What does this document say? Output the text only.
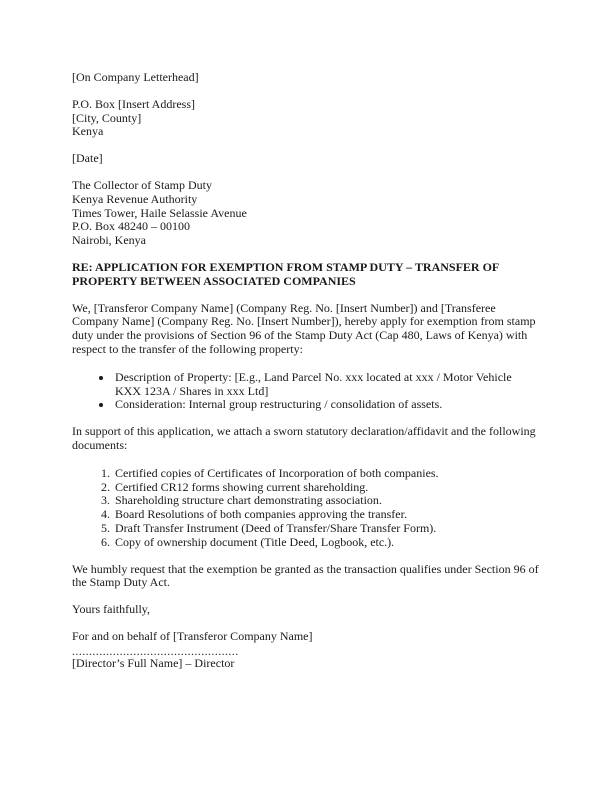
[On Company Letterhead]

P.O. Box [Insert Address]
[City, County]
Kenya

[Date]

The Collector of Stamp Duty
Kenya Revenue Authority
Times Tower, Haile Selassie Avenue
P.O. Box 48240 – 00100
Nairobi, Kenya

RE: APPLICATION FOR EXEMPTION FROM STAMP DUTY – TRANSFER OF PROPERTY BETWEEN ASSOCIATED COMPANIES

We, [Transferor Company Name] (Company Reg. No. [Insert Number]) and [Transferee Company Name] (Company Reg. No. [Insert Number]), hereby apply for exemption from stamp duty under the provisions of Section 96 of the Stamp Duty Act (Cap 480, Laws of Kenya) with respect to the transfer of the following property:

• Description of Property: [E.g., Land Parcel No. xxx located at xxx / Motor Vehicle KXX 123A / Shares in xxx Ltd]
• Consideration: Internal group restructuring / consolidation of assets.

In support of this application, we attach a sworn statutory declaration/affidavit and the following documents:

1. Certified copies of Certificates of Incorporation of both companies.
2. Certified CR12 forms showing current shareholding.
3. Shareholding structure chart demonstrating association.
4. Board Resolutions of both companies approving the transfer.
5. Draft Transfer Instrument (Deed of Transfer/Share Transfer Form).
6. Copy of ownership document (Title Deed, Logbook, etc.).

We humbly request that the exemption be granted as the transaction qualifies under Section 96 of the Stamp Duty Act.

Yours faithfully,

For and on behalf of [Transferor Company Name]
.................................................
[Director’s Full Name] – Director
